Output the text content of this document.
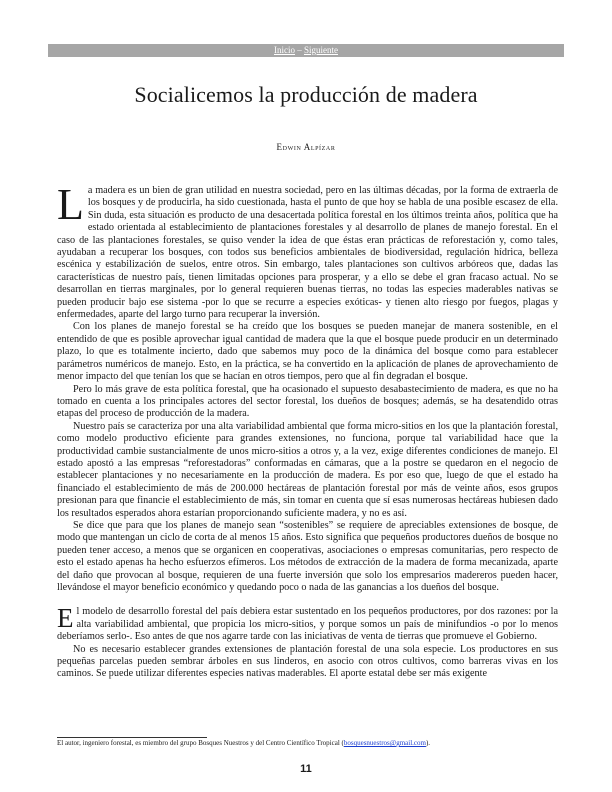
Inicio – Siguiente
Socialicemos la producción de madera
Edwin Alpízar

La madera es un bien de gran utilidad en nuestra sociedad, pero en las últimas décadas, por la forma de extraerla de los bosques y de producirla, ha sido cuestionada, hasta el punto de que hoy se habla de una posible escasez de ella. Sin duda, esta situación es producto de una desacertada política forestal en los últimos treinta años, política que ha estado orientada al establecimiento de plantaciones forestales y al desarrollo de planes de manejo forestal. En el caso de las plantaciones forestales, se quiso vender la idea de que éstas eran prácticas de reforestación y, como tales, ayudaban a recuperar los bosques, con todos sus beneficios ambientales de biodiversidad, regulación hídrica, belleza escénica y estabilización de suelos, entre otros. Sin embargo, tales plantaciones son cultivos arbóreos que, dadas las características de nuestro país, tienen limitadas opciones para prosperar, y a ello se debe el gran fracaso actual. No se desarrollan en tierras marginales, por lo general requieren buenas tierras, no todas las especies maderables nativas se pueden producir bajo ese sistema -por lo que se recurre a especies exóticas- y tienen alto riesgo por fuegos, plagas y enfermedades, aparte del largo turno para recuperar la inversión.

Con los planes de manejo forestal se ha creído que los bosques se pueden manejar de manera sostenible, en el entendido de que es posible aprovechar igual cantidad de madera que la que el bosque puede producir en un determinado plazo, lo que es totalmente incierto, dado que sabemos muy poco de la dinámica del bosque como para establecer parámetros numéricos de manejo. Esto, en la práctica, se ha convertido en la aplicación de planes de aprovechamiento de menor impacto del que tenían los que se hacían en otros tiempos, pero que al fin degradan el bosque.

Pero lo más grave de esta política forestal, que ha ocasionado el supuesto desabastecimiento de madera, es que no ha tomado en cuenta a los principales actores del sector forestal, los dueños de bosques; además, se ha desatendido otras etapas del proceso de producción de la madera.

Nuestro país se caracteriza por una alta variabilidad ambiental que forma micro-sitios en los que la plantación forestal, como modelo productivo eficiente para grandes extensiones, no funciona, porque tal variabilidad hace que la productividad cambie sustancialmente de unos micro-sitios a otros y, a la vez, exige diferentes condiciones de manejo. El estado apostó a las empresas “reforestadoras” conformadas en cámaras, que a la postre se quedaron en el negocio de establecer plantaciones y no necesariamente en la producción de madera. Es por eso que, luego de que el estado ha financiado el establecimiento de más de 200.000 hectáreas de plantación forestal por más de veinte años, esos grupos presionan para que financie el establecimiento de más, sin tomar en cuenta que sí esas numerosas hectáreas hubiesen dado los resultados esperados ahora estarían proporcionando suficiente madera, y no es así.

Se dice que para que los planes de manejo sean “sostenibles” se requiere de apreciables extensiones de bosque, de modo que mantengan un ciclo de corta de al menos 15 años. Esto significa que pequeños productores dueños de bosque no pueden tener acceso, a menos que se organicen en cooperativas, asociaciones o empresas comunitarias, pero respecto de esto el estado apenas ha hecho esfuerzos efímeros. Los métodos de extracción de la madera de forma mecanizada, aparte del daño que provocan al bosque, requieren de una fuerte inversión que solo los empresarios madereros pueden hacer, llevándose el mayor beneficio económico y quedando poco o nada de las ganancias a los dueños del bosque.

El modelo de desarrollo forestal del país debiera estar sustentado en los pequeños productores, por dos razones: por la alta variabilidad ambiental, que propicia los micro-sitios, y porque somos un país de minifundios -o por lo menos deberíamos serlo-. Eso antes de que nos agarre tarde con las iniciativas de venta de tierras que promueve el Gobierno.

No es necesario establecer grandes extensiones de plantación forestal de una sola especie. Los productores en sus pequeñas parcelas pueden sembrar árboles en sus linderos, en asocio con otros cultivos, como barreras vivas en los caminos. Se puede utilizar diferentes especies nativas maderables. El aporte estatal debe ser más exigente

El autor, ingeniero forestal, es miembro del grupo Bosques Nuestros y del Centro Científico Tropical (bosquesnuestros@gmail.com).
11
